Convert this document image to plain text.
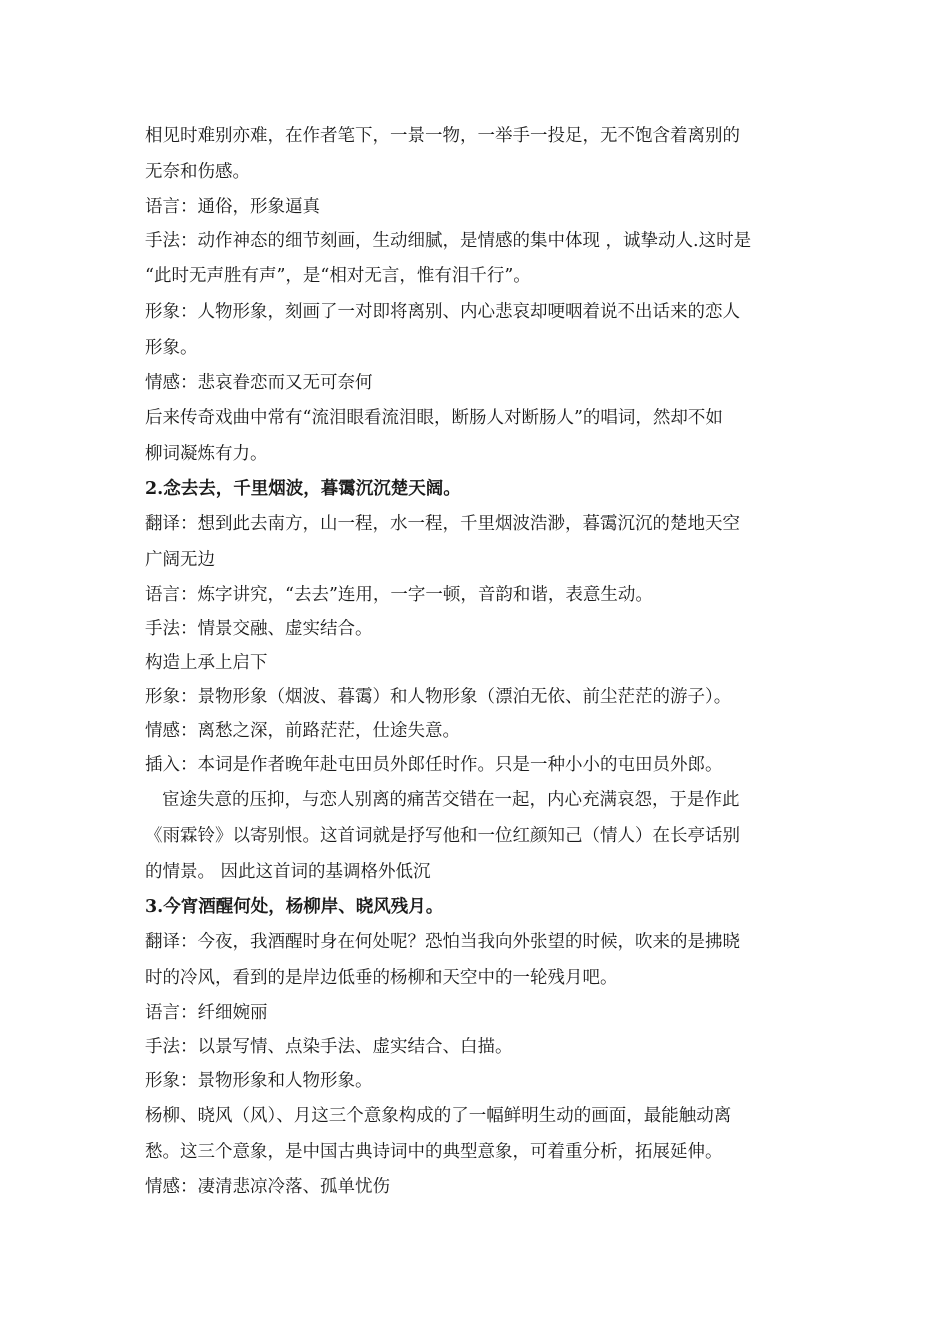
相见时难别亦难，在作者笔下，一景一物，一举手一投足，无不饱含着离别的
无奈和伤感。
语言：通俗，形象逼真
手法：动作神态的细节刻画，生动细腻，是情感的集中体现 ，诚挚动人.这时是
“此时无声胜有声”，是“相对无言，惟有泪千行”。
形象：人物形象，刻画了一对即将离别、内心悲哀却哽咽着说不出话来的恋人
形象。
情感：悲哀眷恋而又无可奈何
后来传奇戏曲中常有“流泪眼看流泪眼，断肠人对断肠人”的唱词，然却不如
柳词凝炼有力。
2.念去去，千里烟波，暮霭沉沉楚天阔。
翻译：想到此去南方，山一程，水一程，千里烟波浩渺，暮霭沉沉的楚地天空
广阔无边
语言：炼字讲究，“去去”连用，一字一顿，音韵和谐，表意生动。
手法：情景交融、虚实结合。
构造上承上启下
形象：景物形象（烟波、暮霭）和人物形象（漂泊无依、前尘茫茫的游子）。
情感：离愁之深，前路茫茫，仕途失意。
插入：本词是作者晚年赴屯田员外郎任时作。只是一种小小的屯田员外郎。
宦途失意的压抑，与恋人别离的痛苦交错在一起，内心充满哀怨，于是作此
《雨霖铃》以寄别恨。这首词就是抒写他和一位红颜知己（情人）在长亭话别
的情景。 因此这首词的基调格外低沉
3.今宵酒醒何处，杨柳岸、晓风残月。
翻译：今夜，我酒醒时身在何处呢？恐怕当我向外张望的时候，吹来的是拂晓
时的冷风，看到的是岸边低垂的杨柳和天空中的一轮残月吧。
语言：纤细婉丽
手法：以景写情、点染手法、虚实结合、白描。
形象：景物形象和人物形象。
杨柳、晓风（风）、月这三个意象构成的了一幅鲜明生动的画面，最能触动离
愁。这三个意象，是中国古典诗词中的典型意象，可着重分析，拓展延伸。
情感：凄清悲凉冷落、孤单忧伤
